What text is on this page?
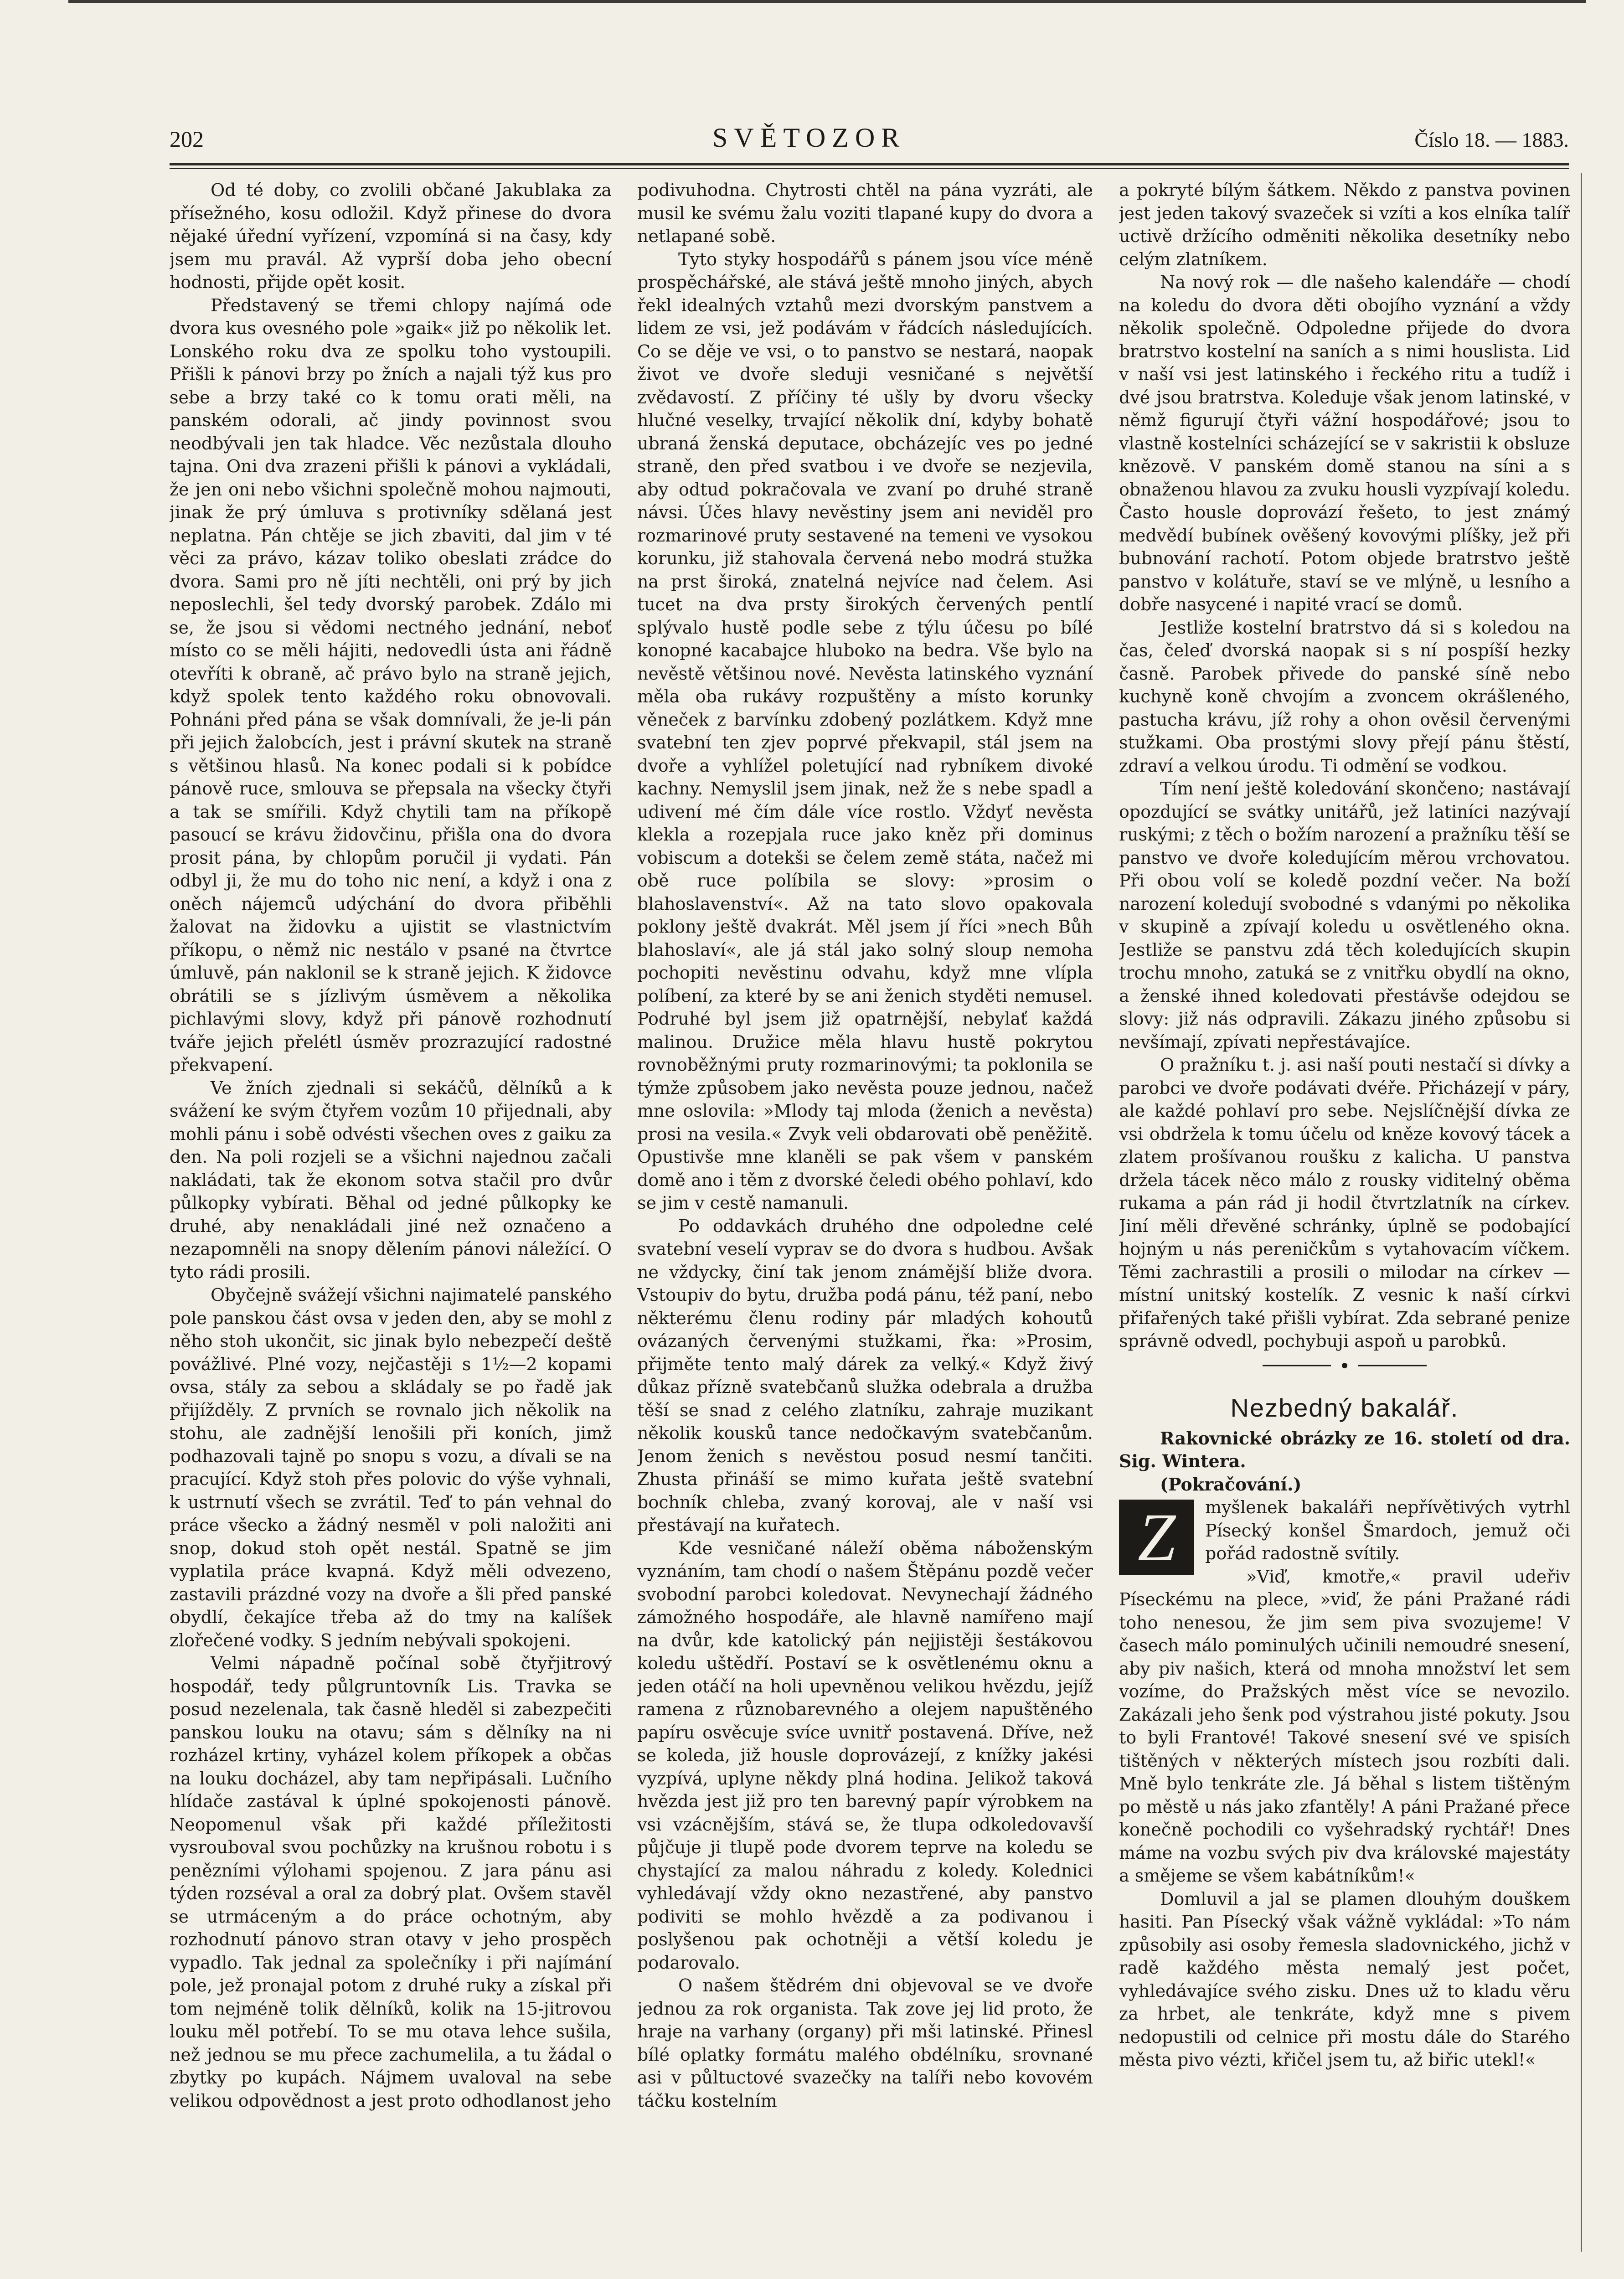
202	SVĚTOZOR	Číslo 18. — 1883.

Od té doby, co zvolili občané Jakublaka za přísežného, kosu odložil. Když přinese do dvora nějaké úřední vyřízení, vzpomíná si na časy, kdy jsem mu pravál. Až vyprší doba jeho obecní hodnosti, přijde opět kosit.

Představený se třemi chlopy najímá ode dvora kus ovesného pole »gaik« již po několik let. Lonského roku dva ze spolku toho vystoupili. Přišli k pánovi brzy po žních a najali týž kus pro sebe a brzy také co k tomu orati měli, na panském odorali, ač jindy povinnost svou neodbývali jen tak hladce. Věc nezůstala dlouho tajna. Oni dva zrazeni přišli k pánovi a vykládali, že jen oni nebo všichni společně mohou najmouti, jinak že prý úmluva s protivníky sdělaná jest neplatna. Pán chtěje se jich zbaviti, dal jim v té věci za právo, kázav toliko obeslati zrádce do dvora. Sami pro ně jíti nechtěli, oni prý by jich neposlechli, šel tedy dvorský parobek. Zdálo mi se, že jsou si vědomi nectného jednání, neboť místo co se měli hájiti, nedovedli ústa ani řádně otevříti k obraně, ač právo bylo na straně jejich, když spolek tento každého roku obnovovali. Pohnáni před pána se však domnívali, že je-li pán při jejich žalobcích, jest i právní skutek na straně s většinou hlasů. Na konec podali si k pobídce pánově ruce, smlouva se přepsala na všecky čtyři a tak se smířili. Když chytili tam na příkopě pasoucí se krávu židovčinu, přišla ona do dvora prosit pána, by chlopům poručil ji vydati. Pán odbyl ji, že mu do toho nic není, a když i ona z oněch nájemců udýchání do dvora přiběhli žalovat na židovku a ujistit se vlastnictvím příkopu, o němž nic nestálo v psané na čtvrtce úmluvě, pán naklonil se k straně jejich. K židovce obrátili se s jízlivým úsměvem a několika pichlavými slovy, když při pánově rozhodnutí tváře jejich přelétl úsměv prozrazující radostné překvapení.

Ve žních zjednali si sekáčů, dělníků a k svážení ke svým čtyřem vozům 10 přijednali, aby mohli pánu i sobě odvésti všechen oves z gaiku za den. Na poli rozjeli se a všichni najednou začali nakládati, tak že ekonom sotva stačil pro dvůr půlkopky vybírati. Běhal od jedné půlkopky ke druhé, aby nenakládali jiné než označeno a nezapomněli na snopy dělením pánovi náležící. O tyto rádi prosili.

Obyčejně svážejí všichni najimatelé panského pole panskou část ovsa v jeden den, aby se mohl z něho stoh ukončit, sic jinak bylo nebezpečí deště povážlivé. Plné vozy, nejčastěji s 1½—2 kopami ovsa, stály za sebou a skládaly se po řadě jak přijížděly. Z prvních se rovnalo jich několik na stohu, ale zadnější lenošili při koních, jimž podhazovali tajně po snopu s vozu, a dívali se na pracující. Když stoh přes polovic do výše vyhnali, k ustrnutí všech se zvrátil. Teď to pán vehnal do práce všecko a žádný nesměl v poli naložiti ani snop, dokud stoh opět nestál. Spatně se jim vyplatila práce kvapná. Když měli odvezeno, zastavili prázdné vozy na dvoře a šli před panské obydlí, čekajíce třeba až do tmy na kalíšek zlořečené vodky. S jedním nebývali spokojeni.

Velmi nápadně počínal sobě čtyřjitrový hospodář, tedy půlgruntovník Lis. Travka se posud nezelenala, tak časně hleděl si zabezpečiti panskou louku na otavu; sám s dělníky na ni rozházel krtiny, vyházel kolem příkopek a občas na louku docházel, aby tam nepřipásali. Lučního hlídače zastával k úplné spokojenosti pánově. Neopomenul však při každé příležitosti vysrouboval svou pochůzky na krušnou robotu i s penězními výlohami spojenou. Z jara pánu asi týden rozséval a oral za dobrý plat. Ovšem stavěl se utrmáceným a do práce ochotným, aby rozhodnutí pánovo stran otavy v jeho prospěch vypadlo. Tak jednal za společníky i při najímání pole, jež pronajal potom z druhé ruky a získal při tom nejméně tolik dělníků, kolik na 15-jitrovou louku měl potřebí. To se mu otava lehce sušila, než jednou se mu přece zachumelila, a tu žádal o zbytky po kupách. Nájmem uvaloval na sebe velikou odpovědnost a jest proto odhodlanost jeho

podivuhodna. Chytrosti chtěl na pána vyzráti, ale musil ke svému žalu voziti tlapané kupy do dvora a netlapané sobě.

Tyto styky hospodářů s pánem jsou více méně prospěchářské, ale stává ještě mnoho jiných, abych řekl idealných vztahů mezi dvorským panstvem a lidem ze vsi, jež podávám v řádcích následujících. Co se děje ve vsi, o to panstvo se nestará, naopak život ve dvoře sleduji vesničané s největší zvědavostí. Z příčiny té ušly by dvoru všecky hlučné veselky, trvající několik dní, kdyby bohatě ubraná ženská deputace, obcházejíc ves po jedné straně, den před svatbou i ve dvoře se nezjevila, aby odtud pokračovala ve zvaní po druhé straně návsi. Účes hlavy nevěstiny jsem ani neviděl pro rozmarinové pruty sestavené na temeni ve vysokou korunku, již stahovala červená nebo modrá stužka na prst široká, znatelná nejvíce nad čelem. Asi tucet na dva prsty širokých červených pentlí splývalo hustě podle sebe z týlu účesu po bílé konopné kacabajce hluboko na bedra. Vše bylo na nevěstě většinou nové. Nevěsta latinského vyznání měla oba rukávy rozpuštěny a místo korunky věneček z barvínku zdobený pozlátkem. Když mne svatební ten zjev poprvé překvapil, stál jsem na dvoře a vyhlížel poletující nad rybníkem divoké kachny. Nemyslil jsem jinak, než že s nebe spadl a udivení mé čím dále více rostlo. Vždyť nevěsta klekla a rozepjala ruce jako kněz při dominus vobiscum a dotekši se čelem země státa, načež mi obě ruce políbila se slovy: »prosim o blahoslavenství«. Až na tato slovo opakovala poklony ještě dvakrát. Měl jsem jí říci »nech Bůh blahoslaví«, ale já stál jako solný sloup nemoha pochopiti nevěstinu odvahu, když mne vlípla políbení, za které by se ani ženich styděti nemusel. Podruhé byl jsem již opatrnější, nebylať každá malinou. Družice měla hlavu hustě pokrytou rovnoběžnými pruty rozmarinovými; ta poklonila se týmže způsobem jako nevěsta pouze jednou, načež mne oslovila: »Mlody taj mloda (ženich a nevěsta) prosi na vesila.« Zvyk veli obdarovati obě peněžitě. Opustivše mne klaněli se pak všem v panském domě ano i těm z dvorské čeledi obého pohlaví, kdo se jim v cestě namanuli.

Po oddavkách druhého dne odpoledne celé svatební veselí vyprav se do dvora s hudbou. Avšak ne vždycky, činí tak jenom známější bliže dvora. Vstoupiv do bytu, družba podá pánu, též paní, nebo některému členu rodiny pár mladých kohoutů ovázaných červenými stužkami, řka: »Prosim, přijměte tento malý dárek za velký.« Když živý důkaz přízně svatebčanů služka odebrala a družba těší se snad z celého zlatníku, zahraje muzikant několik kousků tance nedočkavým svatebčanům. Jenom ženich s nevěstou posud nesmí tančiti. Zhusta přináší se mimo kuřata ještě svatební bochník chleba, zvaný korovaj, ale v naší vsi přestávají na kuřatech.

Kde vesničané náleží oběma náboženským vyznáním, tam chodí o našem Štěpánu pozdě večer svobodní parobci koledovat. Nevynechají žádného zámožného hospodáře, ale hlavně namířeno mají na dvůr, kde katolický pán nejjistěji šestákovou koledu uštědří. Postaví se k osvětlenému oknu a jeden otáčí na holi upevněnou velikou hvězdu, jejíž ramena z různobarevného a olejem napuštěného papíru osvěcuje svíce uvnitř postavená. Dříve, než se koleda, již housle doprovázejí, z knížky jakési vyzpívá, uplyne někdy plná hodina. Jelikož taková hvězda jest již pro ten barevný papír výrobkem na vsi vzácnějším, stává se, že tlupa odkoledovavší půjčuje ji tlupě pode dvorem teprve na koledu se chystající za malou náhradu z koledy. Kolednici vyhledávají vždy okno nezastřené, aby panstvo podiviti se mohlo hvězdě a za podivanou i poslyšenou pak ochotněji a větší koledu je podarovalo.

O našem štědrém dni objevoval se ve dvoře jednou za rok organista. Tak zove jej lid proto, že hraje na varhany (organy) při mši latinské. Přinesl bílé oplatky formátu malého obdélníku, srovnané asi v půltuctové svazečky na talíři nebo kovovém táčku kostelním

a pokryté bílým šátkem. Někdo z panstva povinen jest jeden takový svazeček si vzíti a kos elníka talíř uctivě držícího odměniti několika desetníky nebo celým zlatníkem.

Na nový rok — dle našeho kalendáře — chodí na koledu do dvora děti obojího vyznání a vždy několik společně. Odpoledne přijede do dvora bratrstvo kostelní na saních a s nimi houslista. Lid v naší vsi jest latinského i řeckého ritu a tudíž i dvé jsou bratrstva. Koleduje však jenom latinské, v němž figurují čtyři vážní hospodářové; jsou to vlastně kostelníci scházející se v sakristii k obsluze knězově. V panském domě stanou na síni a s obnaženou hlavou za zvuku housli vyzpívají koledu. Často housle doprovází řešeto, to jest známý medvědí bubínek ověšený kovovými plíšky, jež při bubnování rachotí. Potom objede bratrstvo ještě panstvo v kolátuře, staví se ve mlýně, u lesního a dobře nasycené i napité vrací se domů.

Jestliže kostelní bratrstvo dá si s koledou na čas, čeleď dvorská naopak si s ní pospíší hezky časně. Parobek přivede do panské síně nebo kuchyně koně chvojím a zvoncem okrášleného, pastucha krávu, jíž rohy a ohon ověsil červenými stužkami. Oba prostými slovy přejí pánu štěstí, zdraví a velkou úrodu. Ti odmění se vodkou.

Tím není ještě koledování skončeno; nastávají opozdující se svátky unitářů, jež latiníci nazývají ruskými; z těch o božím narození a pražníku těší se panstvo ve dvoře koledujícím měrou vrchovatou. Při obou volí se koledě pozdní večer. Na boží narození koledují svobodné s vdanými po několika v skupině a zpívají koledu u osvětleného okna. Jestliže se panstvu zdá těch koledujících skupin trochu mnoho, zatuká se z vnitřku obydlí na okno, a ženské ihned koledovati přestávše odejdou se slovy: již nás odpravili. Zákazu jiného způsobu si nevšímají, zpívati nepřestávajíce.

O pražníku t. j. asi naší pouti nestačí si dívky a parobci ve dvoře podávati dvéře. Přicházejí v páry, ale každé pohlaví pro sebe. Nejslíčnější dívka ze vsi obdržela k tomu účelu od kněze kovový tácek a zlatem prošívanou roušku z kalicha. U panstva držela tácek něco málo z rousky viditelný oběma rukama a pán rád ji hodil čtvrtzlatník na církev. Jiní měli dřevěné schránky, úplně se podobající hojným u nás pereničkům s vytahovacím víčkem. Těmi zachrastili a prosili o milodar na církev — místní unitský kostelík. Z vesnic k naší církvi přifařených také přišli vybírat. Zda sebrané penize správně odvedl, pochybuji aspoň u parobků.

Nezbedný bakalář.

Rakovnické obrázky ze 16. století od dra. Sig. Wintera.

(Pokračování.)

Z	myšlenek bakaláři nepřívětivých vytrhl Písecký konšel Šmardoch, jemuž oči pořád radostně svítily.

»Viď, kmotře,« pravil udeřiv Píseckému na plece, »viď, že páni Pražané rádi toho nenesou, že jim sem piva svozujeme! V časech málo pominulých učinili nemoudré snesení, aby piv našich, která od mnoha množství let sem vozíme, do Pražských měst více se nevozilo. Zakázali jeho šenk pod výstrahou jisté pokuty. Jsou to byli Frantové! Takové snesení své ve spisích tištěných v některých místech jsou rozbíti dali. Mně bylo tenkráte zle. Já běhal s listem tištěným po městě u nás jako zfantěly! A páni Pražané přece konečně pochodili co vyšehradský rychtář! Dnes máme na vozbu svých piv dva královské majestáty a smějeme se všem kabátníkům!«

Domluvil a jal se plamen dlouhým douškem hasiti. Pan Písecký však vážně vykládal: »To nám způsobily asi osoby řemesla sladovnického, jichž v radě každého města nemalý jest počet, vyhledávajíce svého zisku. Dnes už to kladu věru za hrbet, ale tenkráte, když mne s pivem nedopustili od celnice při mostu dále do Starého města pivo vézti, křičel jsem tu, až biřic utekl!«
